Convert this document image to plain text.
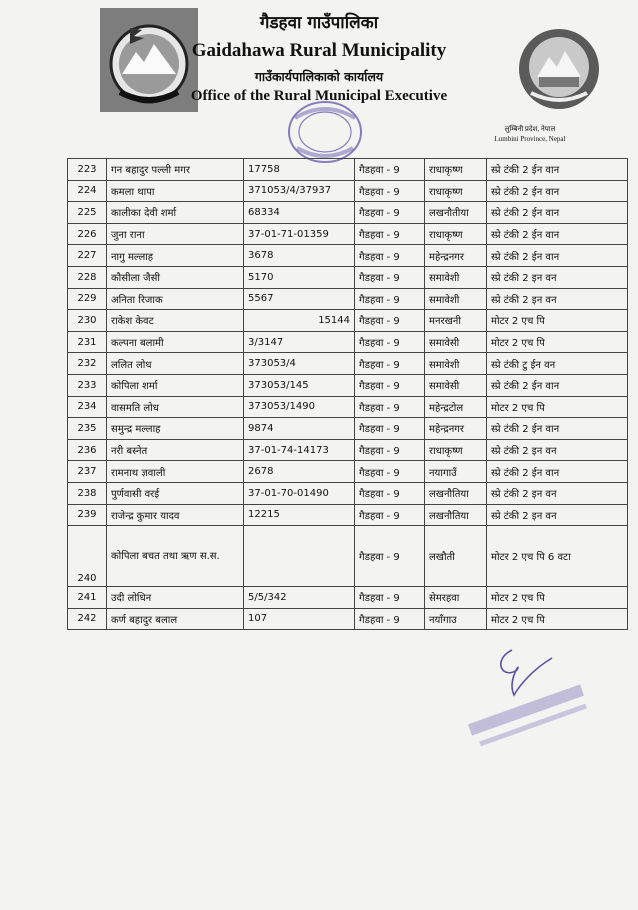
गैडहवा गाउँपालिका
Gaidahawa Rural Municipality
गाउँकार्यपालिकाको कार्यालय
Office of the Rural Municipal Executive
लुम्बिनी प्रदेश, नेपाल
Lumbini Province, Nepal
223	गन बहादुर पल्ली मगर	17758	गैडहवा - 9	राधाकृष्ण	स्प्रे टंकी 2 ईन वान
224	कमला थापा	371053/4/37937	गैडहवा - 9	राधाकृष्ण	स्प्रे टंकी 2 ईन वान
225	कालीका देवी शर्मा	68334	गैडहवा - 9	लखनौतीया	स्प्रे टंकी 2 ईन वान
226	जुना राना	37-01-71-01359	गैडहवा - 9	राधाकृष्ण	स्प्रे टंकी 2 ईन वान
227	नागु मल्लाह	3678	गैडहवा - 9	महेन्द्रनगर	स्प्रे टंकी 2 ईन वान
228	कौसीला जैसी	5170	गैडहवा - 9	समावेशी	स्प्रे टंकी 2 इन वन
229	अनिता रिजाक	5567	गैडहवा - 9	समावेशी	स्प्रे टंकी 2 इन वन
230	राकेश केवट	15144	गैडहवा - 9	मनरखनी	मोटर 2 एच पि
231	कल्पना बलामी	3/3147	गैडहवा - 9	समावेसी	मोटर 2 एच पि
232	ललित लोध	373053/4	गैडहवा - 9	समावेशी	स्प्रे टंकी टु ईन वन
233	कोपिला शर्मा	373053/145	गैडहवा - 9	समावेसी	स्प्रे टंकी 2 ईन वान
234	वासमति लोध	373053/1490	गैडहवा - 9	महेन्द्रटोल	मोटर 2 एच पि
235	समुन्द्र मल्लाह	9874	गैडहवा - 9	महेन्द्रनगर	स्प्रे टंकी 2 ईन वान
236	नरी बस्नेत	37-01-74-14173	गैडहवा - 9	राधाकृष्ण	स्प्रे टंकी 2 इन वन
237	रामनाथ ज्ञवाली	2678	गैडहवा - 9	नयागाउँ	स्प्रे टंकी 2 ईन वान
238	पुर्णवासी वरई	37-01-70-01490	गैडहवा - 9	लखनौतिया	स्प्रे टंकी 2 इन वन
239	राजेन्द्र कुमार यादव	12215	गैडहवा - 9	लखनौतिया	स्प्रे टंकी 2 इन वन
240	कोपिला बचत तथा ऋण स.स.		गैडहवा - 9	लखौती	मोटर 2 एच पि 6 वटा
241	उदी लोधिन	5/5/342	गैडहवा - 9	सेमरहवा	मोटर 2 एच पि
242	कर्ण बहादुर बलाल	107	गैडहवा - 9	नयाँगाउ	मोटर 2 एच पि
